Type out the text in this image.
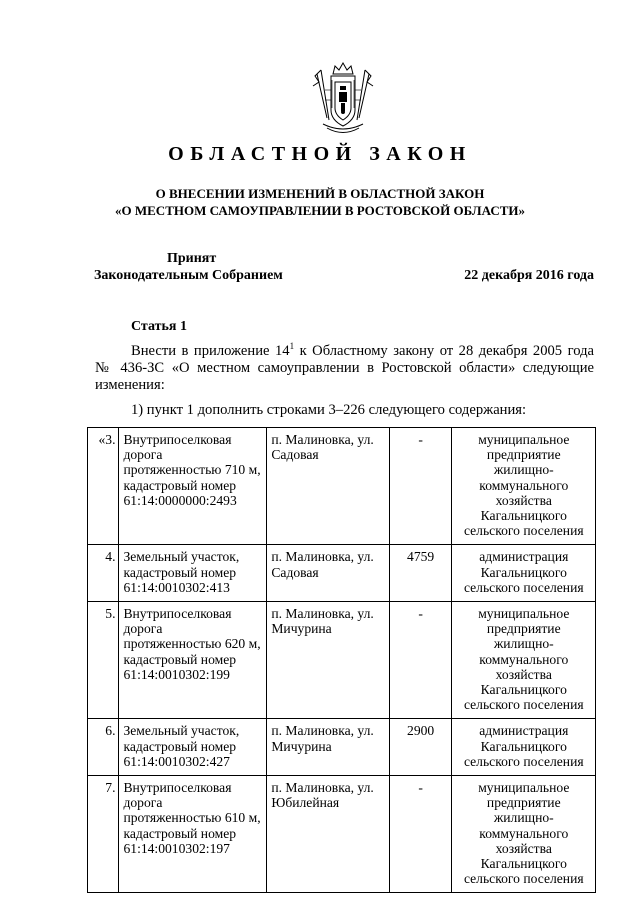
ОБЛАСТНОЙ ЗАКОН
О ВНЕСЕНИИ ИЗМЕНЕНИЙ В ОБЛАСТНОЙ ЗАКОН
«О МЕСТНОМ САМОУПРАВЛЕНИИ В РОСТОВСКОЙ ОБЛАСТИ»
Принят
Законодательным Собранием	22 декабря 2016 года
Статья 1
Внести в приложение $14^1$ к Областному закону от 28 декабря 2005 года
№ 436-ЗС «О местном самоуправлении в Ростовской области» следующие
изменения:
1) пункт 1 дополнить строками 3–226 следующего содержания:
«3.	Внутрипоселковая дорога протяженностью 710 м, кадастровый номер 61:14:0000000:2493	п. Малиновка, ул. Садовая	-	муниципальное предприятие жилищно-коммунального хозяйства Кагальницкого сельского поселения
4.	Земельный участок, кадастровый номер 61:14:0010302:413	п. Малиновка, ул. Садовая	4759	администрация Кагальницкого сельского поселения
5.	Внутрипоселковая дорога протяженностью 620 м, кадастровый номер 61:14:0010302:199	п. Малиновка, ул. Мичурина	-	муниципальное предприятие жилищно-коммунального хозяйства Кагальницкого сельского поселения
6.	Земельный участок, кадастровый номер 61:14:0010302:427	п. Малиновка, ул. Мичурина	2900	администрация Кагальницкого сельского поселения
7.	Внутрипоселковая дорога протяженностью 610 м, кадастровый номер 61:14:0010302:197	п. Малиновка, ул. Юбилейная	-	муниципальное предприятие жилищно-коммунального хозяйства Кагальницкого сельского поселения
